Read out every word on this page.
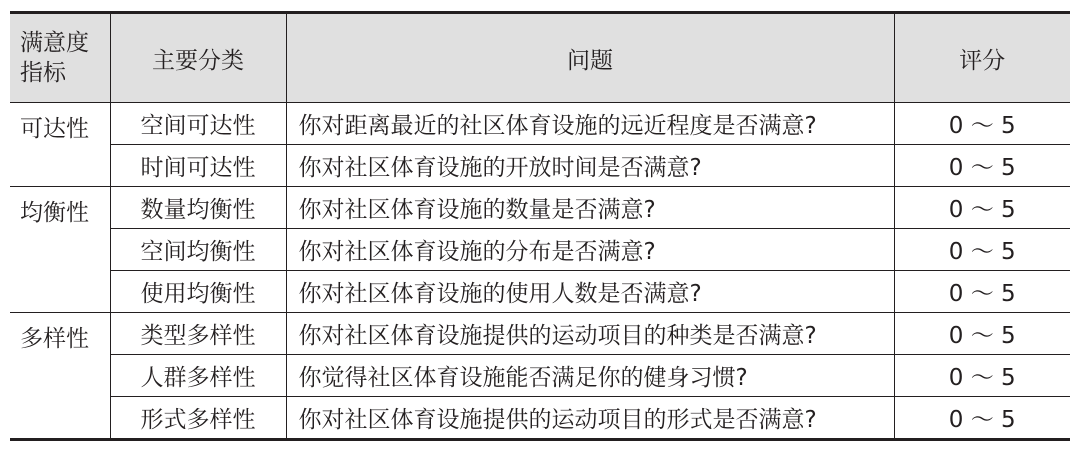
满意度
指标	主要分类	问题	评分
可达性	空间可达性	你对距离最近的社区体育设施的远近程度是否满意?	0 ～ 5
	时间可达性	你对社区体育设施的开放时间是否满意?	0 ～ 5
均衡性	数量均衡性	你对社区体育设施的数量是否满意?	0 ～ 5
	空间均衡性	你对社区体育设施的分布是否满意?	0 ～ 5
	使用均衡性	你对社区体育设施的使用人数是否满意?	0 ～ 5
多样性	类型多样性	你对社区体育设施提供的运动项目的种类是否满意?	0 ～ 5
	人群多样性	你觉得社区体育设施能否满足你的健身习惯?	0 ～ 5
	形式多样性	你对社区体育设施提供的运动项目的形式是否满意?	0 ～ 5
